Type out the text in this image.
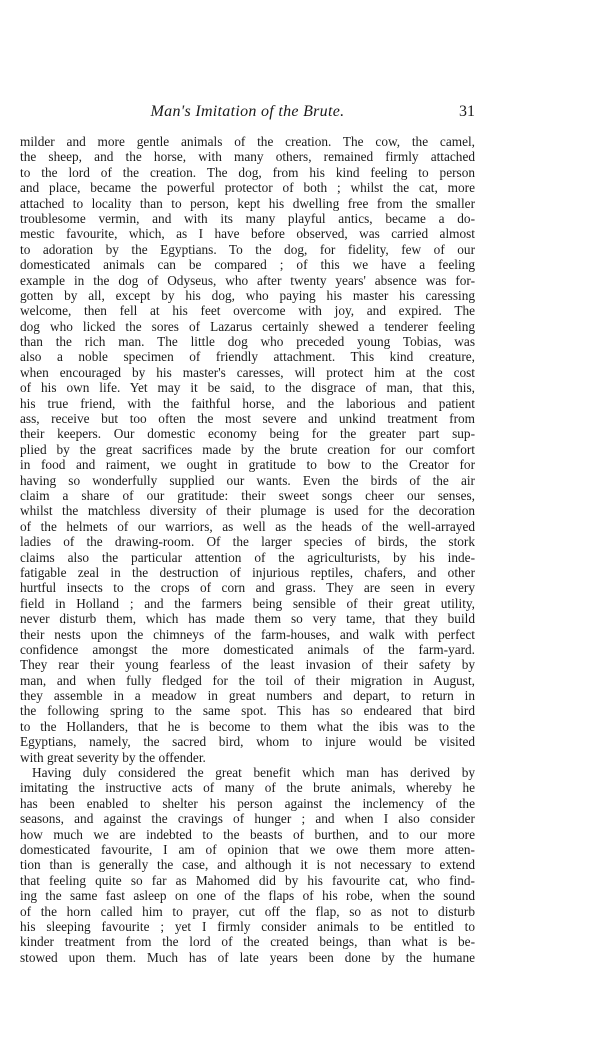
Man's Imitation of the Brute.	31
milder and more gentle animals of the creation. The cow, the camel,
the sheep, and the horse, with many others, remained firmly attached
to the lord of the creation. The dog, from his kind feeling to person
and place, became the powerful protector of both ; whilst the cat, more
attached to locality than to person, kept his dwelling free from the smaller
troublesome vermin, and with its many playful antics, became a do-
mestic favourite, which, as I have before observed, was carried almost
to adoration by the Egyptians. To the dog, for fidelity, few of our
domesticated animals can be compared ; of this we have a feeling
example in the dog of Odyseus, who after twenty years' absence was for-
gotten by all, except by his dog, who paying his master his caressing
welcome, then fell at his feet overcome with joy, and expired. The
dog who licked the sores of Lazarus certainly shewed a tenderer feeling
than the rich man. The little dog who preceded young Tobias, was
also a noble specimen of friendly attachment. This kind creature,
when encouraged by his master's caresses, will protect him at the cost
of his own life. Yet may it be said, to the disgrace of man, that this,
his true friend, with the faithful horse, and the laborious and patient
ass, receive but too often the most severe and unkind treatment from
their keepers. Our domestic economy being for the greater part sup-
plied by the great sacrifices made by the brute creation for our comfort
in food and raiment, we ought in gratitude to bow to the Creator for
having so wonderfully supplied our wants. Even the birds of the air
claim a share of our gratitude: their sweet songs cheer our senses,
whilst the matchless diversity of their plumage is used for the decoration
of the helmets of our warriors, as well as the heads of the well-arrayed
ladies of the drawing-room. Of the larger species of birds, the stork
claims also the particular attention of the agriculturists, by his inde-
fatigable zeal in the destruction of injurious reptiles, chafers, and other
hurtful insects to the crops of corn and grass. They are seen in every
field in Holland ; and the farmers being sensible of their great utility,
never disturb them, which has made them so very tame, that they build
their nests upon the chimneys of the farm-houses, and walk with perfect
confidence amongst the more domesticated animals of the farm-yard.
They rear their young fearless of the least invasion of their safety by
man, and when fully fledged for the toil of their migration in August,
they assemble in a meadow in great numbers and depart, to return in
the following spring to the same spot. This has so endeared that bird
to the Hollanders, that he is become to them what the ibis was to the
Egyptians, namely, the sacred bird, whom to injure would be visited
with great severity by the offender.
Having duly considered the great benefit which man has derived by
imitating the instructive acts of many of the brute animals, whereby he
has been enabled to shelter his person against the inclemency of the
seasons, and against the cravings of hunger ; and when I also consider
how much we are indebted to the beasts of burthen, and to our more
domesticated favourite, I am of opinion that we owe them more atten-
tion than is generally the case, and although it is not necessary to extend
that feeling quite so far as Mahomed did by his favourite cat, who find-
ing the same fast asleep on one of the flaps of his robe, when the sound
of the horn called him to prayer, cut off the flap, so as not to disturb
his sleeping favourite ; yet I firmly consider animals to be entitled to
kinder treatment from the lord of the created beings, than what is be-
stowed upon them. Much has of late years been done by the humane
